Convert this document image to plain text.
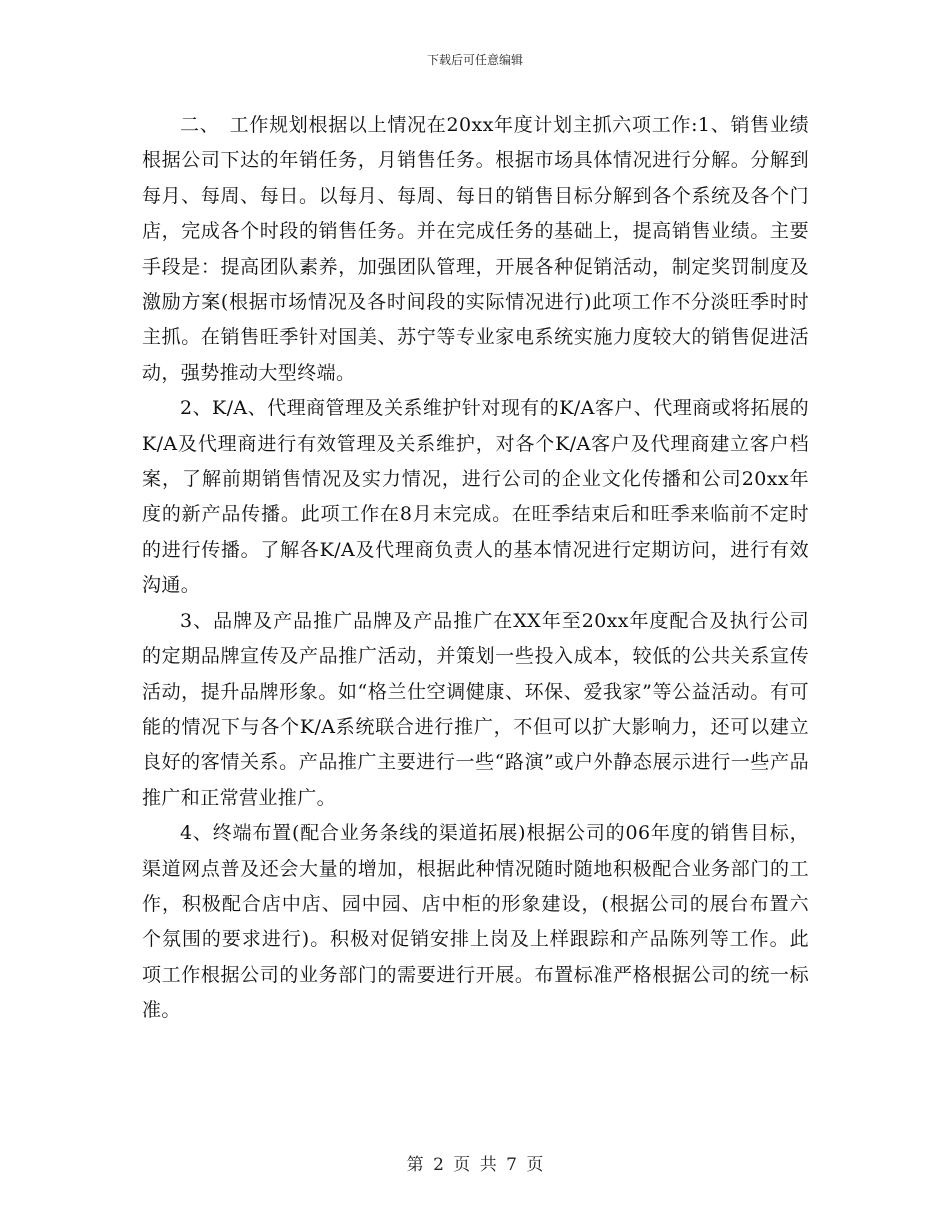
下载后可任意编辑

二、　工作规划根据以上情况在20xx年度计划主抓六项工作:1、销售业绩根据公司下达的年销任务，月销售任务。根据市场具体情况进行分解。分解到每月、每周、每日。以每月、每周、每日的销售目标分解到各个系统及各个门店，完成各个时段的销售任务。并在完成任务的基础上，提高销售业绩。主要手段是：提高团队素养，加强团队管理，开展各种促销活动，制定奖罚制度及激励方案(根据市场情况及各时间段的实际情况进行)此项工作不分淡旺季时时主抓。在销售旺季针对国美、苏宁等专业家电系统实施力度较大的销售促进活动，强势推动大型终端。

2、K/A、代理商管理及关系维护针对现有的K/A客户、代理商或将拓展的K/A及代理商进行有效管理及关系维护，对各个K/A客户及代理商建立客户档案，了解前期销售情况及实力情况，进行公司的企业文化传播和公司20xx年度的新产品传播。此项工作在8月末完成。在旺季结束后和旺季来临前不定时的进行传播。了解各K/A及代理商负责人的基本情况进行定期访问，进行有效沟通。

3、品牌及产品推广品牌及产品推广在XX年至20xx年度配合及执行公司的定期品牌宣传及产品推广活动，并策划一些投入成本，较低的公共关系宣传活动，提升品牌形象。如“格兰仕空调健康、环保、爱我家”等公益活动。有可能的情况下与各个K/A系统联合进行推广，不但可以扩大影响力，还可以建立良好的客情关系。产品推广主要进行一些“路演”或户外静态展示进行一些产品推广和正常营业推广。

4、终端布置(配合业务条线的渠道拓展)根据公司的06年度的销售目标，渠道网点普及还会大量的增加，根据此种情况随时随地积极配合业务部门的工作，积极配合店中店、园中园、店中柜的形象建设，(根据公司的展台布置六个氛围的要求进行)。积极对促销安排上岗及上样跟踪和产品陈列等工作。此项工作根据公司的业务部门的需要进行开展。布置标准严格根据公司的统一标准。

第 2 页 共 7 页
